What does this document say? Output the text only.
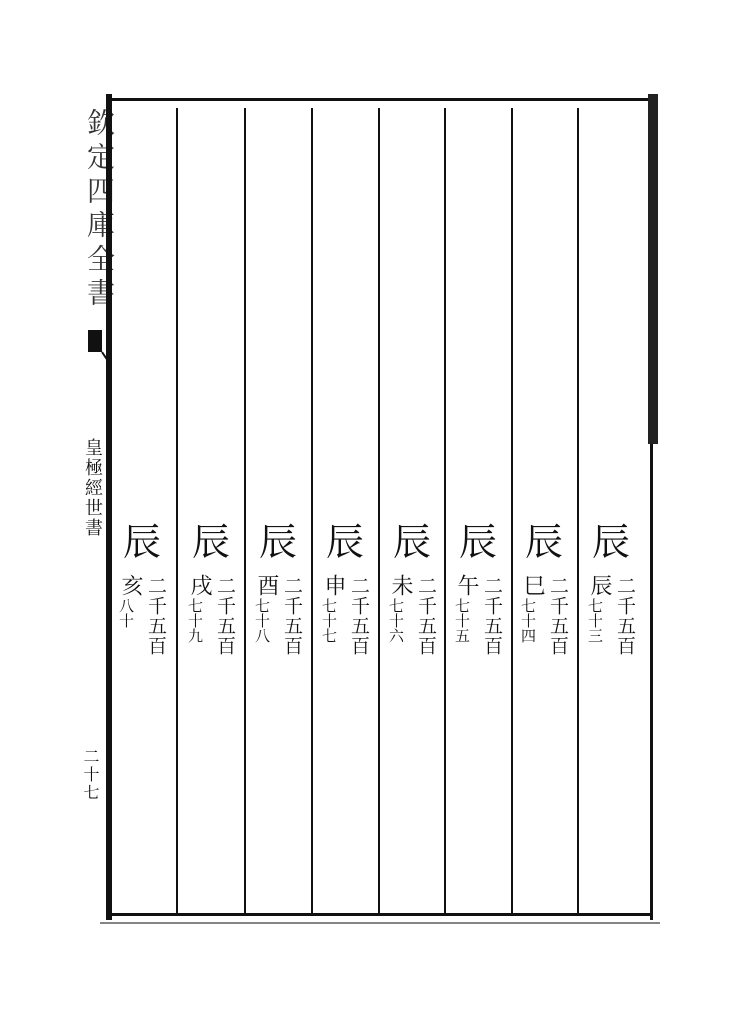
欽定四庫全書
皇極經世書
二十七
辰
辰 二千五百
七十三
辰
巳 二千五百
七十四
辰
午 二千五百
七十五
辰
未 二千五百
七十六
辰
申 二千五百
七十七
辰
酉 二千五百
七十八
辰
戌 二千五百
七十九
辰
亥 二千五百
八十
